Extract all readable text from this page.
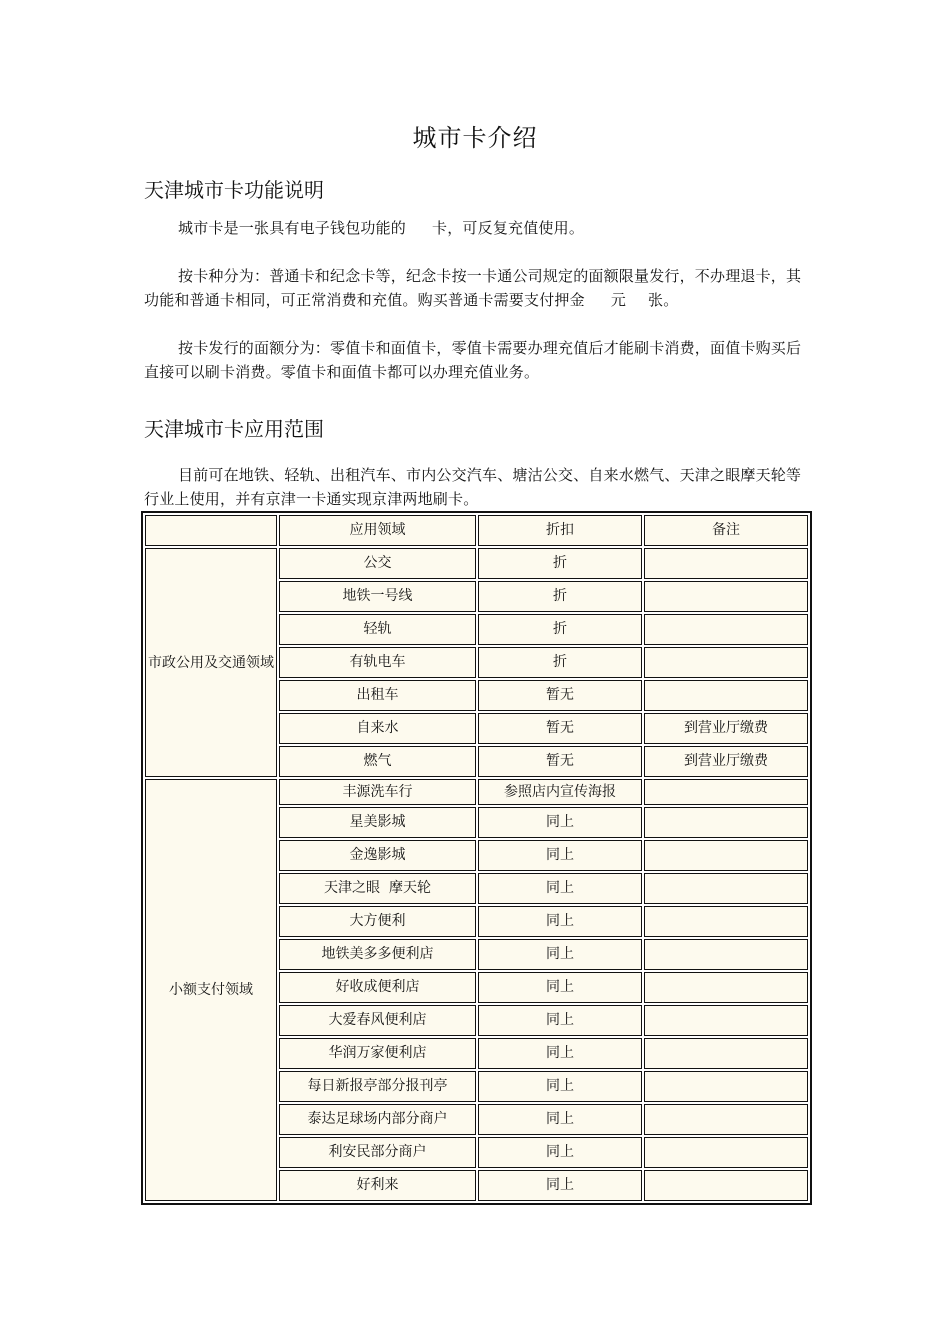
城市卡介绍
天津城市卡功能说明
城市卡是一张具有电子钱包功能的 卡，可反复充值使用。
按卡种分为：普通卡和纪念卡等，纪念卡按一卡通公司规定的面额限量发行，不办理退卡，其功能和普通卡相同，可正常消费和充值。购买普通卡需要支付押金 元 张。
按卡发行的面额分为：零值卡和面值卡，零值卡需要办理充值后才能刷卡消费，面值卡购买后直接可以刷卡消费。零值卡和面值卡都可以办理充值业务。
天津城市卡应用范围
目前可在地铁、轻轨、出租汽车、市内公交汽车、塘沽公交、自来水燃气、天津之眼摩天轮等行业上使用，并有京津一卡通实现京津两地刷卡。
	应用领域	折扣	备注
市政公用及交通领域	公交	折	
	地铁一号线	折	
	轻轨	折	
	有轨电车	折	
	出租车	暂无	
	自来水	暂无	到营业厅缴费
	燃气	暂无	到营业厅缴费
小额支付领域	丰源洗车行	参照店内宣传海报	
	星美影城	同上	
	金逸影城	同上	
	天津之眼  摩天轮	同上	
	大方便利	同上	
	地铁美多多便利店	同上	
	好收成便利店	同上	
	大爱春风便利店	同上	
	华润万家便利店	同上	
	每日新报亭部分报刊亭	同上	
	泰达足球场内部分商户	同上	
	利安民部分商户	同上	
	好利来	同上	
